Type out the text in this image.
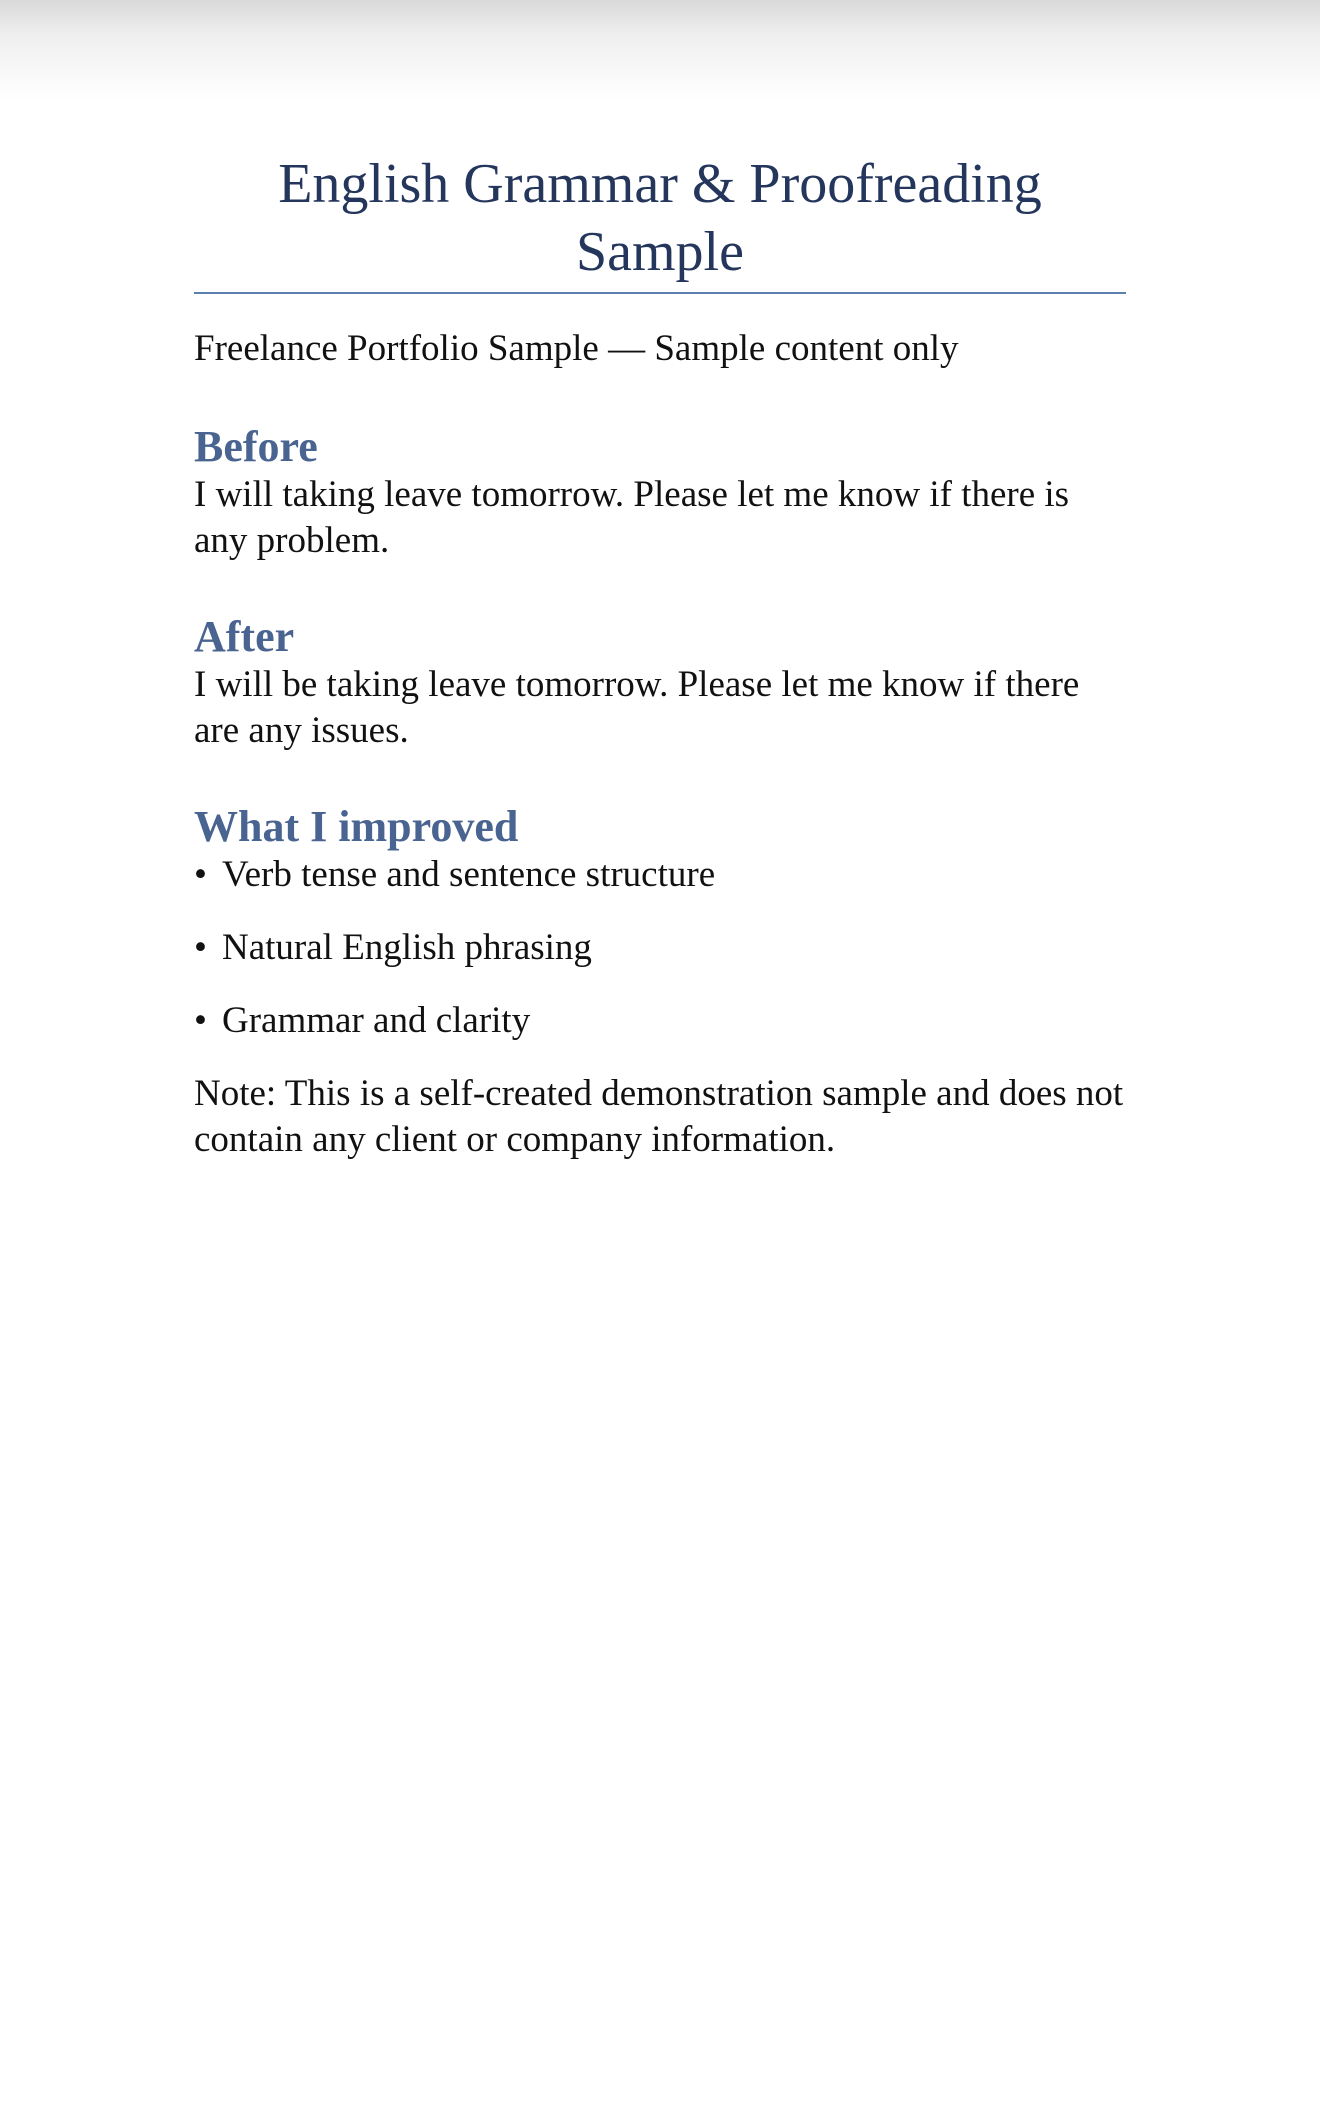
English Grammar & Proofreading
Sample
Freelance Portfolio Sample — Sample content only
Before

I will taking leave tomorrow. Please let me know if there is any problem.

After

I will be taking leave tomorrow. Please let me know if there are any issues.

What I improved
• Verb tense and sentence structure
• Natural English phrasing
• Grammar and clarity

Note: This is a self-created demonstration sample and does not contain any client or company information.
